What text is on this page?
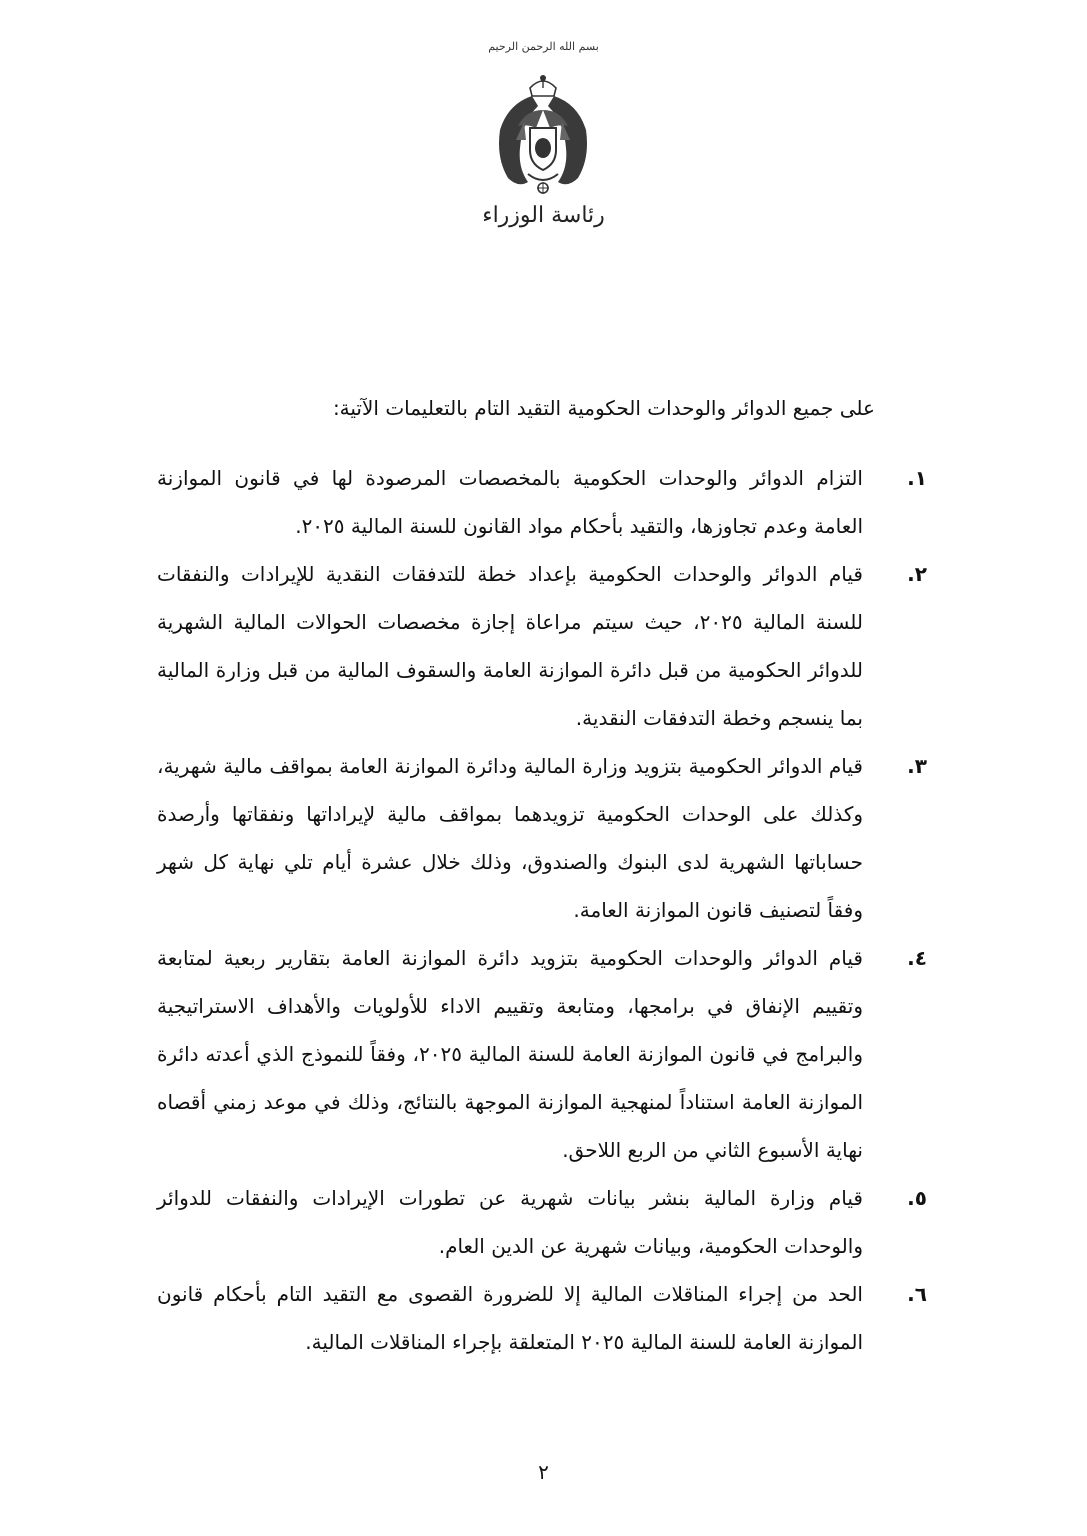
بسم الله الرحمن الرحيم
رئاسة الوزراء
على جميع الدوائر والوحدات الحكومية التقيد التام بالتعليمات الآتية:
١.
التزام الدوائر والوحدات الحكومية بالمخصصات المرصودة لها في قانون الموازنة العامة وعدم تجاوزها، والتقيد بأحكام مواد القانون للسنة المالية ٢٠٢٥.
٢.
قيام الدوائر والوحدات الحكومية بإعداد خطة للتدفقات النقدية للإيرادات والنفقات للسنة المالية ٢٠٢٥، حيث سيتم مراعاة إجازة مخصصات الحوالات المالية الشهرية للدوائر الحكومية من قبل دائرة الموازنة العامة والسقوف المالية من قبل وزارة المالية بما ينسجم وخطة التدفقات النقدية.
٣.
قيام الدوائر الحكومية بتزويد وزارة المالية ودائرة الموازنة العامة بمواقف مالية شهرية، وكذلك على الوحدات الحكومية تزويدهما بمواقف مالية لإيراداتها ونفقاتها وأرصدة حساباتها الشهرية لدى البنوك والصندوق، وذلك خلال عشرة أيام تلي نهاية كل شهر وفقاً لتصنيف قانون الموازنة العامة.
٤.
قيام الدوائر والوحدات الحكومية بتزويد دائرة الموازنة العامة بتقارير ربعية لمتابعة وتقييم الإنفاق في برامجها، ومتابعة وتقييم الاداء للأولويات والأهداف الاستراتيجية والبرامج في قانون الموازنة العامة للسنة المالية ٢٠٢٥، وفقاً للنموذج الذي أعدته دائرة الموازنة العامة استناداً لمنهجية الموازنة الموجهة بالنتائج، وذلك في موعد زمني أقصاه نهاية الأسبوع الثاني من الربع اللاحق.
٥.
قيام وزارة المالية بنشر بيانات شهرية عن تطورات الإيرادات والنفقات للدوائر والوحدات الحكومية، وبيانات شهرية عن الدين العام.
٦.
الحد من إجراء المناقلات المالية إلا للضرورة القصوى مع التقيد التام بأحكام قانون الموازنة العامة للسنة المالية ٢٠٢٥ المتعلقة بإجراء المناقلات المالية.
٢
